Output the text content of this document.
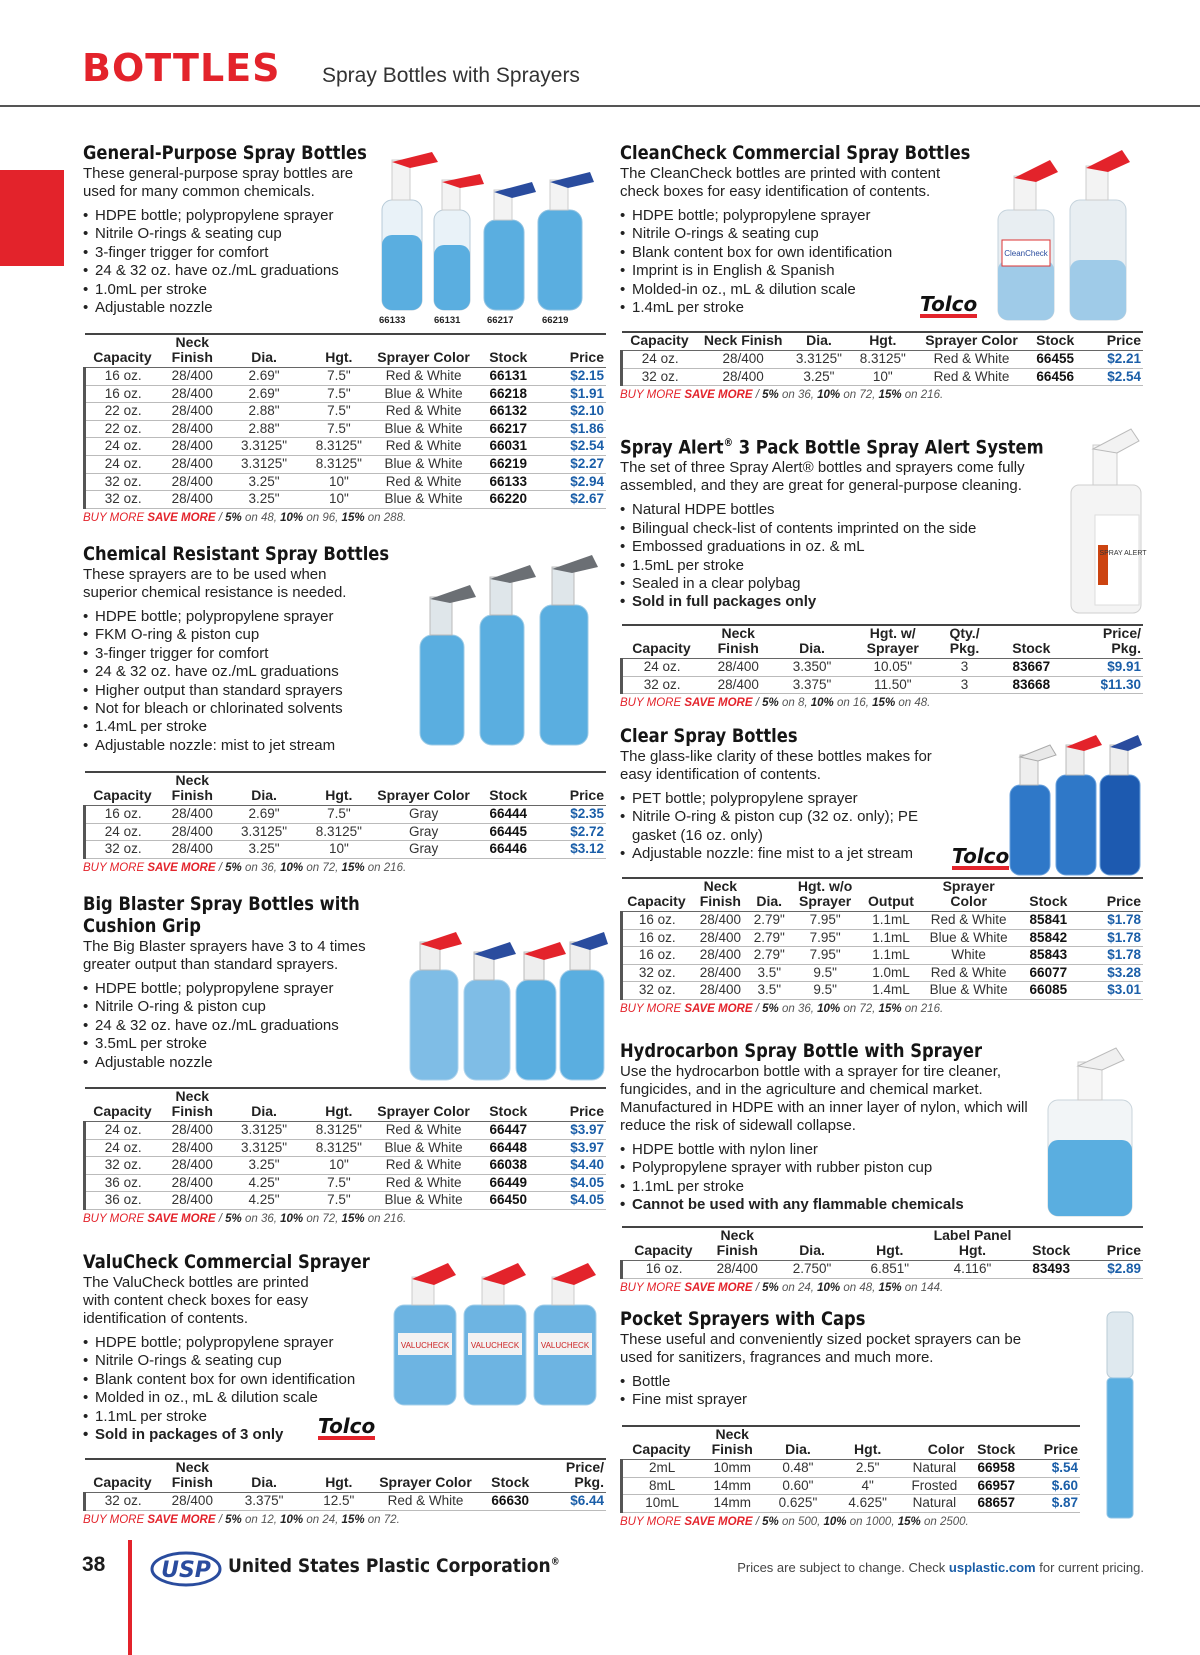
BOTTLES Spray Bottles with Sprayers
General-Purpose Spray Bottles
These general-purpose spray bottles are used for many common chemicals.
• HDPE bottle; polypropylene sprayer
• Nitrile O-rings & seating cup
• 3-finger trigger for comfort
• 24 & 32 oz. have oz./mL graduations
• 1.0mL per stroke
• Adjustable nozzle
66133	66131	66217	66219
Capacity	Neck Finish	Dia.	Hgt.	Sprayer Color	Stock	Price
16 oz.	28/400	2.69"	7.5"	Red & White	66131	$2.15
16 oz.	28/400	2.69"	7.5"	Blue & White	66218	$1.91
22 oz.	28/400	2.88"	7.5"	Red & White	66132	$2.10
22 oz.	28/400	2.88"	7.5"	Blue & White	66217	$1.86
24 oz.	28/400	3.3125"	8.3125"	Red & White	66031	$2.54
24 oz.	28/400	3.3125"	8.3125"	Blue & White	66219	$2.27
32 oz.	28/400	3.25"	10"	Red & White	66133	$2.94
32 oz.	28/400	3.25"	10"	Blue & White	66220	$2.67
BUY MORE SAVE MORE / 5% on 48, 10% on 96, 15% on 288.
Chemical Resistant Spray Bottles
These sprayers are to be used when superior chemical resistance is needed.
• HDPE bottle; polypropylene sprayer
• FKM O-ring & piston cup
• 3-finger trigger for comfort
• 24 & 32 oz. have oz./mL graduations
• Higher output than standard sprayers
• Not for bleach or chlorinated solvents
• 1.4mL per stroke
• Adjustable nozzle: mist to jet stream
Capacity	Neck Finish	Dia.	Hgt.	Sprayer Color	Stock	Price
16 oz.	28/400	2.69"	7.5"	Gray	66444	$2.35
24 oz.	28/400	3.3125"	8.3125"	Gray	66445	$2.72
32 oz.	28/400	3.25"	10"	Gray	66446	$3.12
BUY MORE SAVE MORE / 5% on 36, 10% on 72, 15% on 216.
Big Blaster Spray Bottles with Cushion Grip
The Big Blaster sprayers have 3 to 4 times greater output than standard sprayers.
• HDPE bottle; polypropylene sprayer
• Nitrile O-ring & piston cup
• 24 & 32 oz. have oz./mL graduations
• 3.5mL per stroke
• Adjustable nozzle
Capacity	Neck Finish	Dia.	Hgt.	Sprayer Color	Stock	Price
24 oz.	28/400	3.3125"	8.3125"	Red & White	66447	$3.97
24 oz.	28/400	3.3125"	8.3125"	Blue & White	66448	$3.97
32 oz.	28/400	3.25"	10"	Red & White	66038	$4.40
36 oz.	28/400	4.25"	7.5"	Red & White	66449	$4.05
36 oz.	28/400	4.25"	7.5"	Blue & White	66450	$4.05
BUY MORE SAVE MORE / 5% on 36, 10% on 72, 15% on 216.
ValuCheck Commercial Sprayer
The ValuCheck bottles are printed with content check boxes for easy identification of contents.
• HDPE bottle; polypropylene sprayer
• Nitrile O-rings & seating cup
• Blank content box for own identification
• Molded in oz., mL & dilution scale
• 1.1mL per stroke
• Sold in packages of 3 only
VALUCHECK	VALUCHECK	VALUCHECK
Tolco
Capacity	Neck Finish	Dia.	Hgt.	Sprayer Color	Stock	Price/ Pkg.
32 oz.	28/400	3.375"	12.5"	Red & White	66630	$6.44
BUY MORE SAVE MORE / 5% on 12, 10% on 24, 15% on 72.
CleanCheck Commercial Spray Bottles
The CleanCheck bottles are printed with content check boxes for easy identification of contents.
• HDPE bottle; polypropylene sprayer
• Nitrile O-rings & seating cup
• Blank content box for own identification
• Imprint is in English & Spanish
• Molded-in oz., mL & dilution scale
• 1.4mL per stroke
CleanCheck
Tolco
Capacity	Neck Finish	Dia.	Hgt.	Sprayer Color	Stock	Price
24 oz.	28/400	3.3125"	8.3125"	Red & White	66455	$2.21
32 oz.	28/400	3.25"	10"	Red & White	66456	$2.54
BUY MORE SAVE MORE / 5% on 36, 10% on 72, 15% on 216.
Spray Alert® 3 Pack Bottle Spray Alert System
The set of three Spray Alert® bottles and sprayers come fully assembled, and they are great for general-purpose cleaning.
• Natural HDPE bottles
• Bilingual check-list of contents imprinted on the side
• Embossed graduations in oz. & mL
• 1.5mL per stroke
• Sealed in a clear polybag
• Sold in full packages only
SPRAY ALERT
Capacity	Neck Finish	Dia.	Hgt. w/ Sprayer	Qty./ Pkg.	Stock	Price/ Pkg.
24 oz.	28/400	3.350"	10.05"	3	83667	$9.91
32 oz.	28/400	3.375"	11.50"	3	83668	$11.30
BUY MORE SAVE MORE / 5% on 8, 10% on 16, 15% on 48.
Clear Spray Bottles
The glass-like clarity of these bottles makes for easy identification of contents.
• PET bottle; polypropylene sprayer
• Nitrile O-ring & piston cup (32 oz. only); PE gasket (16 oz. only)
• Adjustable nozzle: fine mist to a jet stream	Tolco
Capacity	Neck Finish	Dia.	Hgt. w/o Sprayer	Output	Sprayer Color	Stock	Price
16 oz.	28/400	2.79"	7.95"	1.1mL	Red & White	85841	$1.78
16 oz.	28/400	2.79"	7.95"	1.1mL	Blue & White	85842	$1.78
16 oz.	28/400	2.79"	7.95"	1.1mL	White	85843	$1.78
32 oz.	28/400	3.5"	9.5"	1.0mL	Red & White	66077	$3.28
32 oz.	28/400	3.5"	9.5"	1.4mL	Blue & White	66085	$3.01
BUY MORE SAVE MORE / 5% on 36, 10% on 72, 15% on 216.
Hydrocarbon Spray Bottle with Sprayer
Use the hydrocarbon bottle with a sprayer for tire cleaner, fungicides, and in the agriculture and chemical market. Manufactured in HDPE with an inner layer of nylon, which will reduce the risk of sidewall collapse.
• HDPE bottle with nylon liner
• Polypropylene sprayer with rubber piston cup
• 1.1mL per stroke
• Cannot be used with any flammable chemicals
Capacity	Neck Finish	Dia.	Hgt.	Label Panel Hgt.	Stock	Price
16 oz.	28/400	2.750"	6.851"	4.116"	83493	$2.89
BUY MORE SAVE MORE / 5% on 24, 10% on 48, 15% on 144.
Pocket Sprayers with Caps
These useful and conveniently sized pocket sprayers can be used for sanitizers, fragrances and much more.
• Bottle
• Fine mist sprayer
Capacity	Neck Finish	Dia.	Hgt.	Color	Stock	Price
2mL	10mm	0.48"	2.5"	Natural	66958	$.54
8mL	14mm	0.60"	4"	Frosted	66957	$.60
10mL	14mm	0.625"	4.625"	Natural	68657	$.87
BUY MORE SAVE MORE / 5% on 500, 10% on 1000, 15% on 2500.
38	USP United States Plastic Corporation®	Prices are subject to change. Check usplastic.com for current pricing.
